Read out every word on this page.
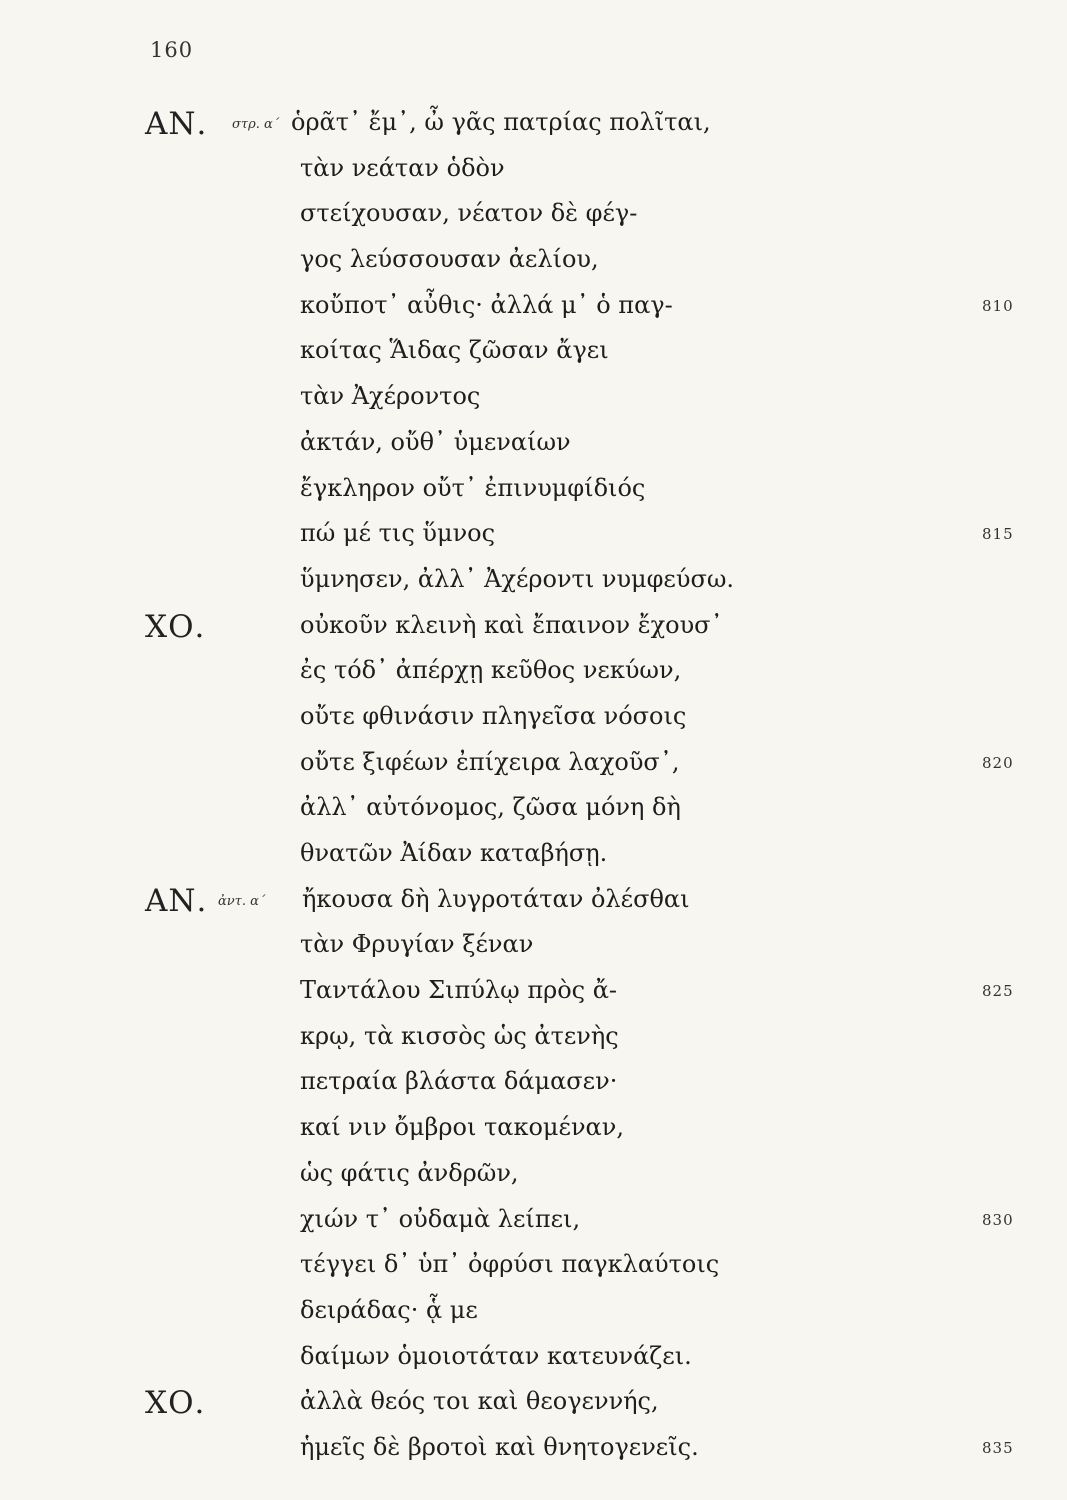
160
ΑΝ. στρ. α΄ ὁρᾶτ᾽ ἔμ᾽, ὦ γᾶς πατρίας πολῖται,
τὰν νεάταν ὁδὸν
στείχουσαν, νέατον δὲ φέγ-
γος λεύσσουσαν ἀελίου,
κοὔποτ᾽ αὖθις· ἀλλά μ᾽ ὁ παγ-	810
κοίτας Ἅιδας ζῶσαν ἄγει
τὰν Ἀχέροντος
ἀκτάν, οὔθ᾽ ὑμεναίων
ἔγκληρον οὔτ᾽ ἐπινυμφίδιός
πώ μέ τις ὕμνος	815
ὕμνησεν, ἀλλ᾽ Ἀχέροντι νυμφεύσω.
ΧΟ.	οὐκοῦν κλεινὴ καὶ ἔπαινον ἔχουσ᾽
ἐς τόδ᾽ ἀπέρχῃ κεῦθος νεκύων,
οὔτε φθινάσιν πληγεῖσα νόσοις
οὔτε ξιφέων ἐπίχειρα λαχοῦσ᾽,	820
ἀλλ᾽ αὐτόνομος, ζῶσα μόνη δὴ
θνατῶν Ἀίδαν καταβήσῃ.
ΑΝ. ἀντ. α΄ ἤκουσα δὴ λυγροτάταν ὀλέσθαι
τὰν Φρυγίαν ξέναν
Ταντάλου Σιπύλῳ πρὸς ἄ-	825
κρῳ, τὰ κισσὸς ὡς ἀτενὴς
πετραία βλάστα δάμασεν·
καί νιν ὄμβροι τακομέναν,
ὡς φάτις ἀνδρῶν,
χιών τ᾽ οὐδαμὰ λείπει,	830
τέγγει δ᾽ ὑπ᾽ ὀφρύσι παγκλαύτοις
δειράδας· ᾇ με
δαίμων ὁμοιοτάταν κατευνάζει.
ΧΟ.	ἀλλὰ θεός τοι καὶ θεογεννής,
ἡμεῖς δὲ βροτοὶ καὶ θνητογενεῖς.	835
